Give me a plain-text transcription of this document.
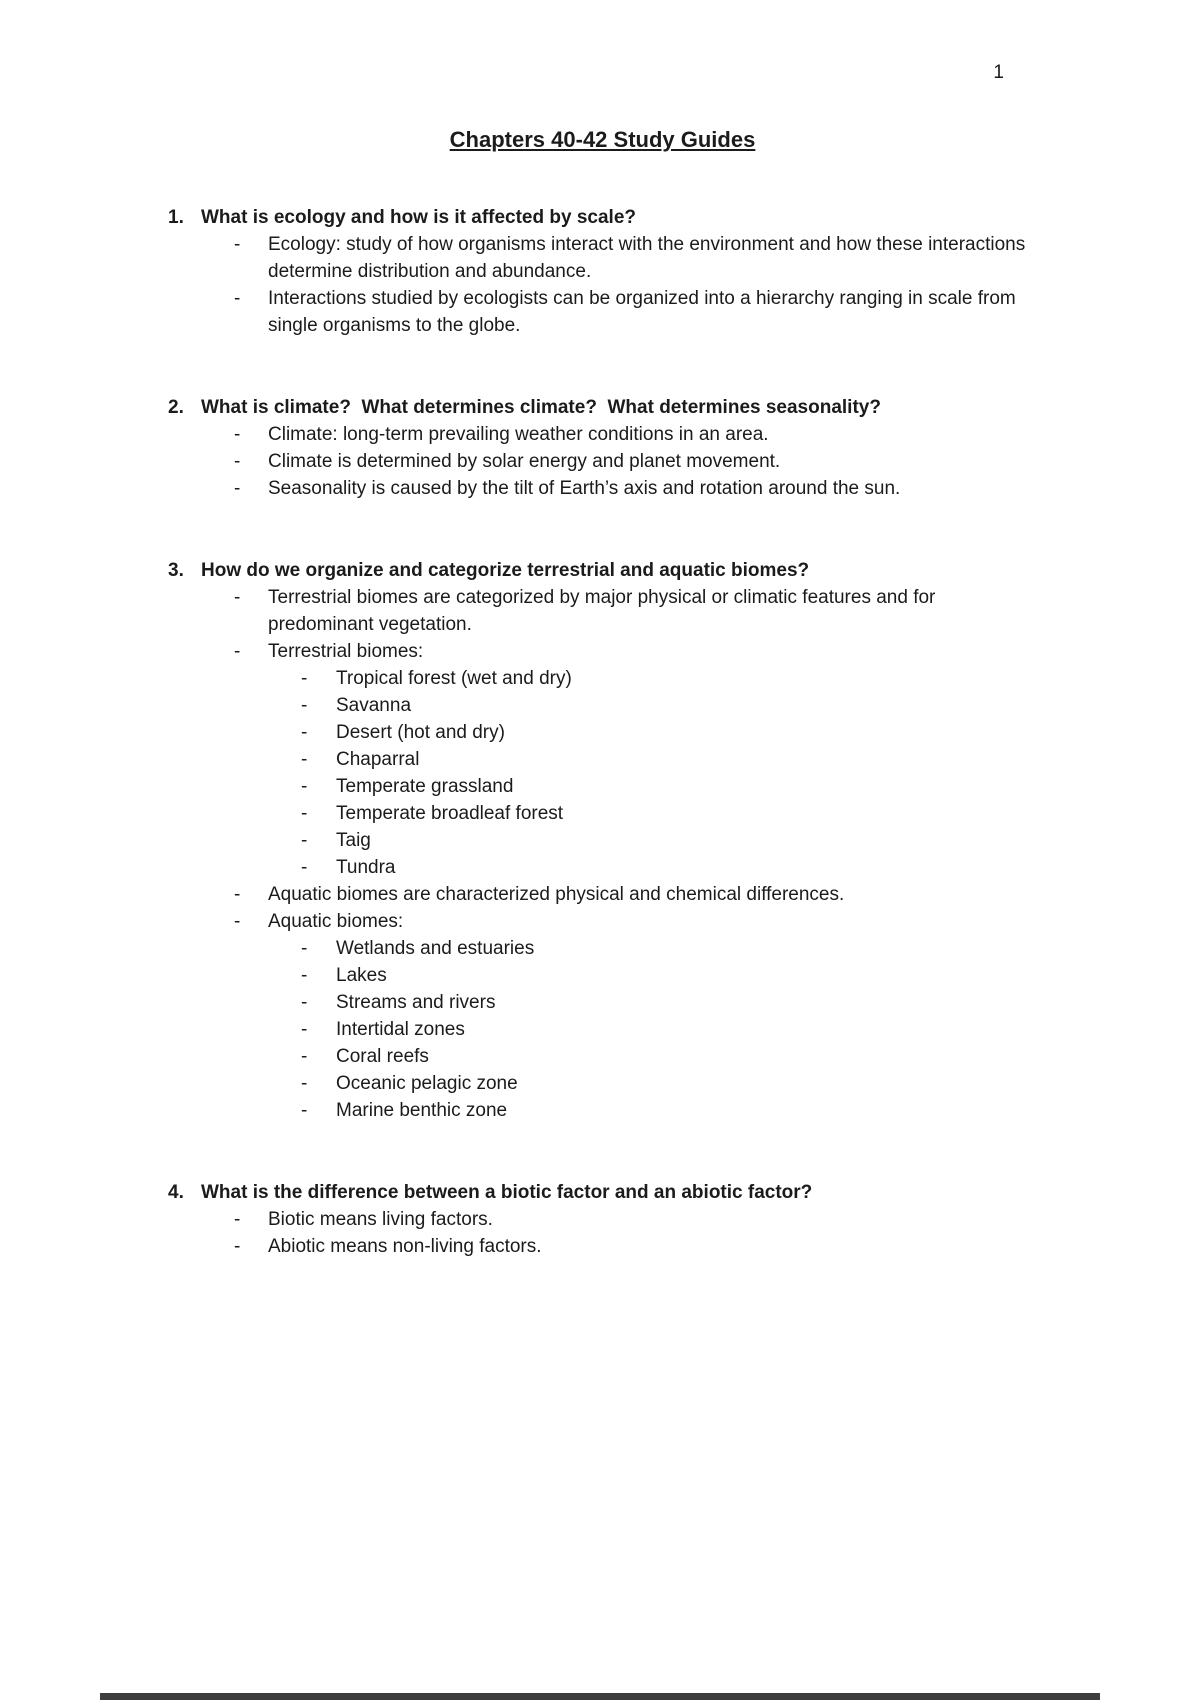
1
Chapters 40-42 Study Guides
1. What is ecology and how is it affected by scale?
-	Ecology: study of how organisms interact with the environment and how these interactions determine distribution and abundance.
-	Interactions studied by ecologists can be organized into a hierarchy ranging in scale from single organisms to the globe.
2. What is climate?  What determines climate?  What determines seasonality?
-	Climate: long-term prevailing weather conditions in an area.
-	Climate is determined by solar energy and planet movement.
-	Seasonality is caused by the tilt of Earth’s axis and rotation around the sun.
3. How do we organize and categorize terrestrial and aquatic biomes?
-	Terrestrial biomes are categorized by major physical or climatic features and for predominant vegetation.
-	Terrestrial biomes:
-	Tropical forest (wet and dry)
-	Savanna
-	Desert (hot and dry)
-	Chaparral
-	Temperate grassland
-	Temperate broadleaf forest
-	Taig
-	Tundra
-	Aquatic biomes are characterized physical and chemical differences.
-	Aquatic biomes:
-	Wetlands and estuaries
-	Lakes
-	Streams and rivers
-	Intertidal zones
-	Coral reefs
-	Oceanic pelagic zone
-	Marine benthic zone
4. What is the difference between a biotic factor and an abiotic factor?
-	Biotic means living factors.
-	Abiotic means non-living factors.
